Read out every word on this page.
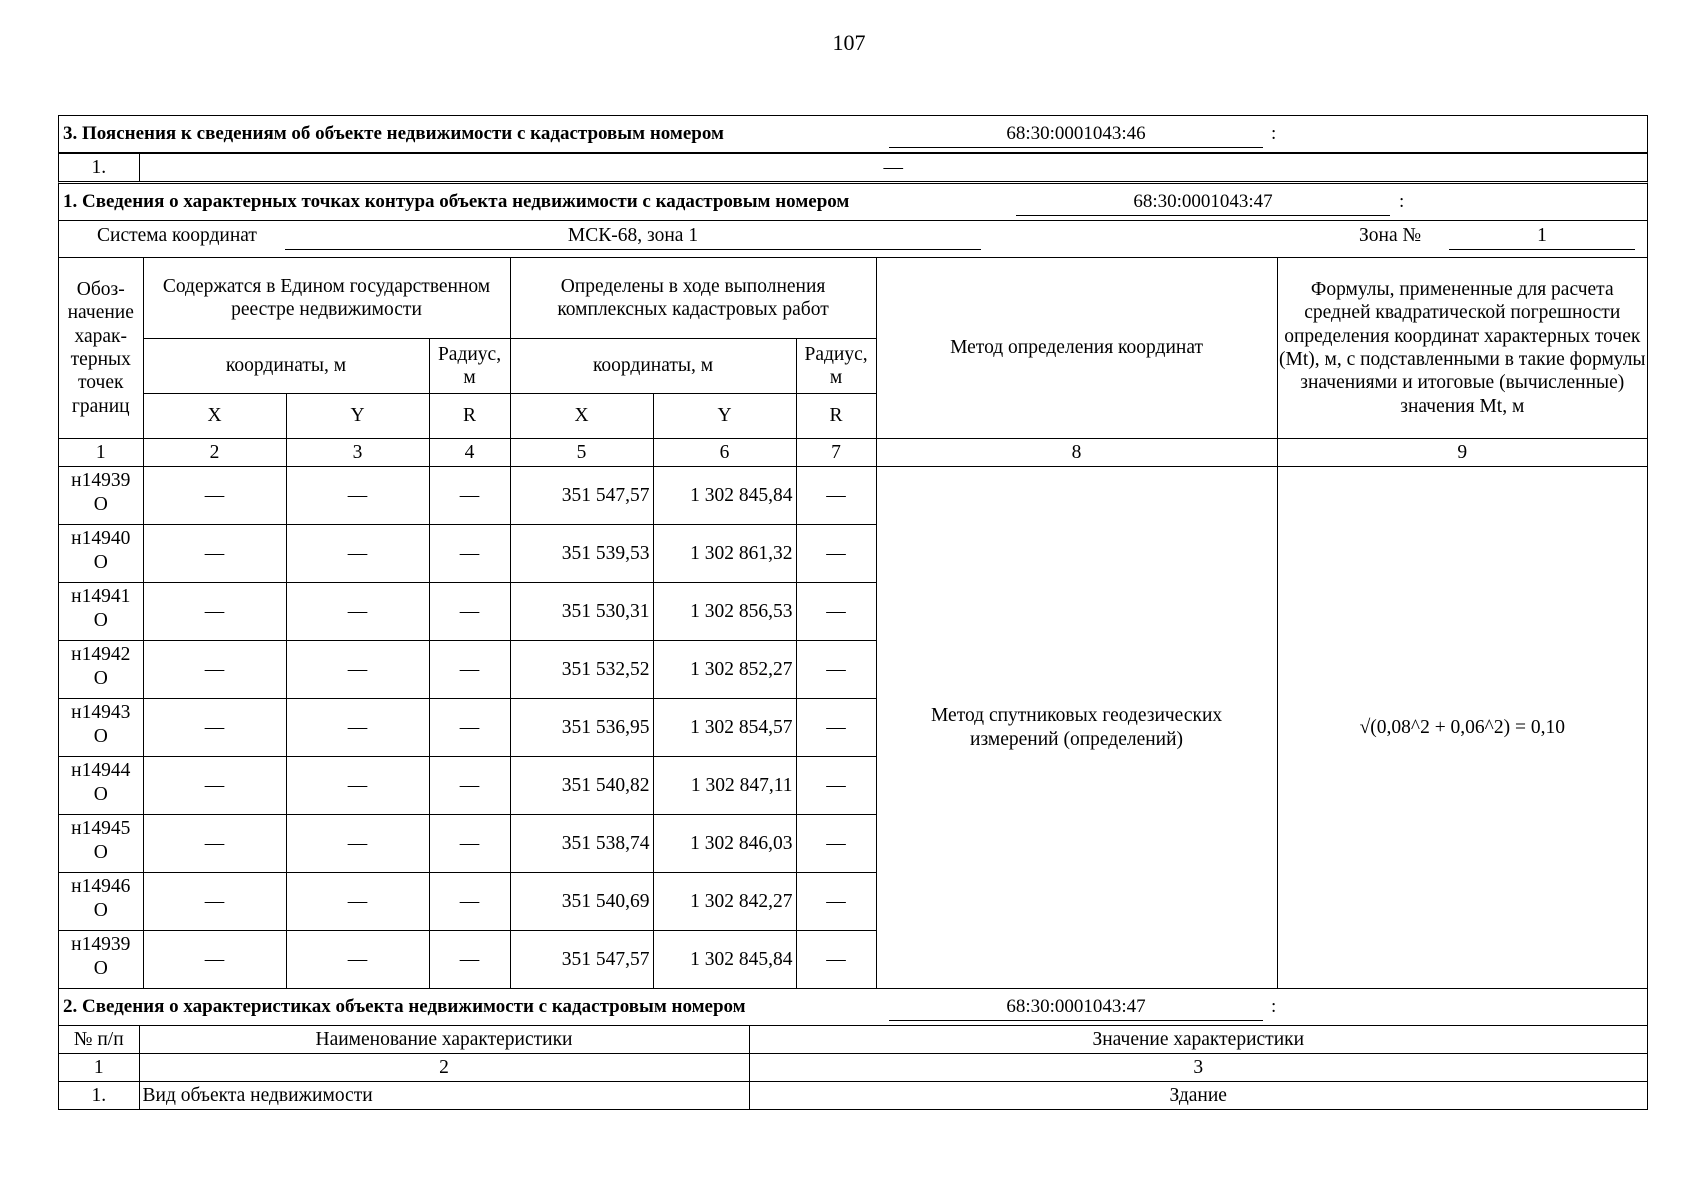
107
3. Пояснения к сведениям об объекте недвижимости с кадастровым номером	68:30:0001043:46	:
1.	—
1. Сведения о характерных точках контура объекта недвижимости с кадастровым номером	68:30:0001043:47	:
Система координат	МСК-68, зона 1	Зона №	1
Обоз-начение харак-терных точек границ	Содержатся в Едином государственном реестре недвижимости			Определены в ходе выполнения комплексных кадастровых работ			Метод определения координат	Формулы, примененные для расчета средней квадратической погрешности определения координат характерных точек (Mt), м, с подставленными в такие формулы значениями и итоговые (вычисленные) значения Mt, м
	координаты, м		Радиус, м	координаты, м		Радиус, м		
	X	Y	R	X	Y	R		
1	2	3	4	5	6	7	8	9
н14939
O	—	—	—	351 547,57	1 302 845,84	—	Метод спутниковых геодезических измерений (определений)	√(0,08^2 + 0,06^2) = 0,10
н14940
O	—	—	—	351 539,53	1 302 861,32	—		
н14941
O	—	—	—	351 530,31	1 302 856,53	—		
н14942
O	—	—	—	351 532,52	1 302 852,27	—		
н14943
O	—	—	—	351 536,95	1 302 854,57	—		
н14944
O	—	—	—	351 540,82	1 302 847,11	—		
н14945
O	—	—	—	351 538,74	1 302 846,03	—		
н14946
O	—	—	—	351 540,69	1 302 842,27	—		
н14939
O	—	—	—	351 547,57	1 302 845,84	—		
2. Сведения о характеристиках объекта недвижимости с кадастровым номером	68:30:0001043:47	:
№ п/п	Наименование характеристики	Значение характеристики
1	2	3
1.	Вид объекта недвижимости	Здание
